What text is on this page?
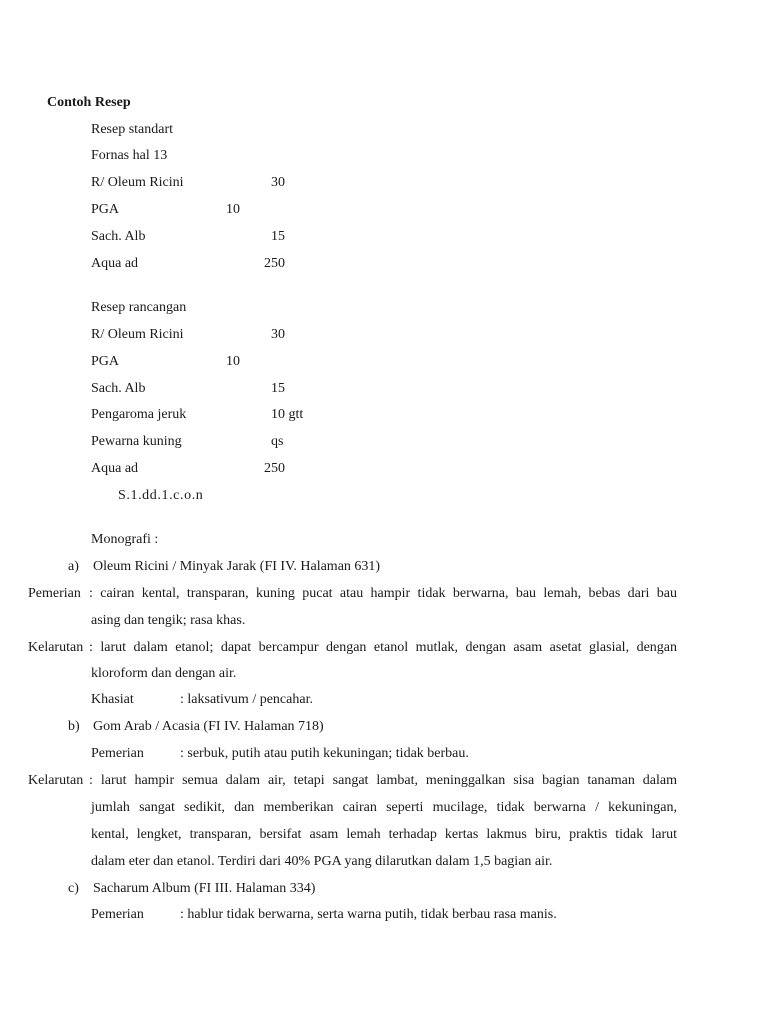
Contoh Resep
Resep standart
Fornas hal 13
R/ Oleum Ricini	30
PGA	10
Sach. Alb	15
Aqua ad	250
Resep rancangan
R/ Oleum Ricini	30
PGA	10
Sach. Alb	15
Pengaroma jeruk	10 gtt
Pewarna kuning	qs
Aqua ad	250
S.1.dd.1.c.o.n
Monografi :
a) Oleum Ricini / Minyak Jarak (FI IV. Halaman 631)
Pemerian : cairan kental, transparan, kuning pucat atau hampir tidak berwarna, bau lemah, bebas dari bau
asing dan tengik; rasa khas.
Kelarutan : larut dalam etanol; dapat bercampur dengan etanol mutlak, dengan asam asetat glasial, dengan
kloroform dan dengan air.
Khasiat	: laksativum / pencahar.
b) Gom Arab / Acasia (FI IV. Halaman 718)
Pemerian	: serbuk, putih atau putih kekuningan; tidak berbau.
Kelarutan : larut hampir semua dalam air, tetapi sangat lambat, meninggalkan sisa bagian tanaman dalam
jumlah sangat sedikit, dan memberikan cairan seperti mucilage, tidak berwarna / kekuningan,
kental, lengket, transparan, bersifat asam lemah terhadap kertas lakmus biru, praktis tidak larut
dalam eter dan etanol. Terdiri dari 40% PGA yang dilarutkan dalam 1,5 bagian air.
c) Sacharum Album (FI III. Halaman 334)
Pemerian	: hablur tidak berwarna, serta warna putih, tidak berbau rasa manis.
